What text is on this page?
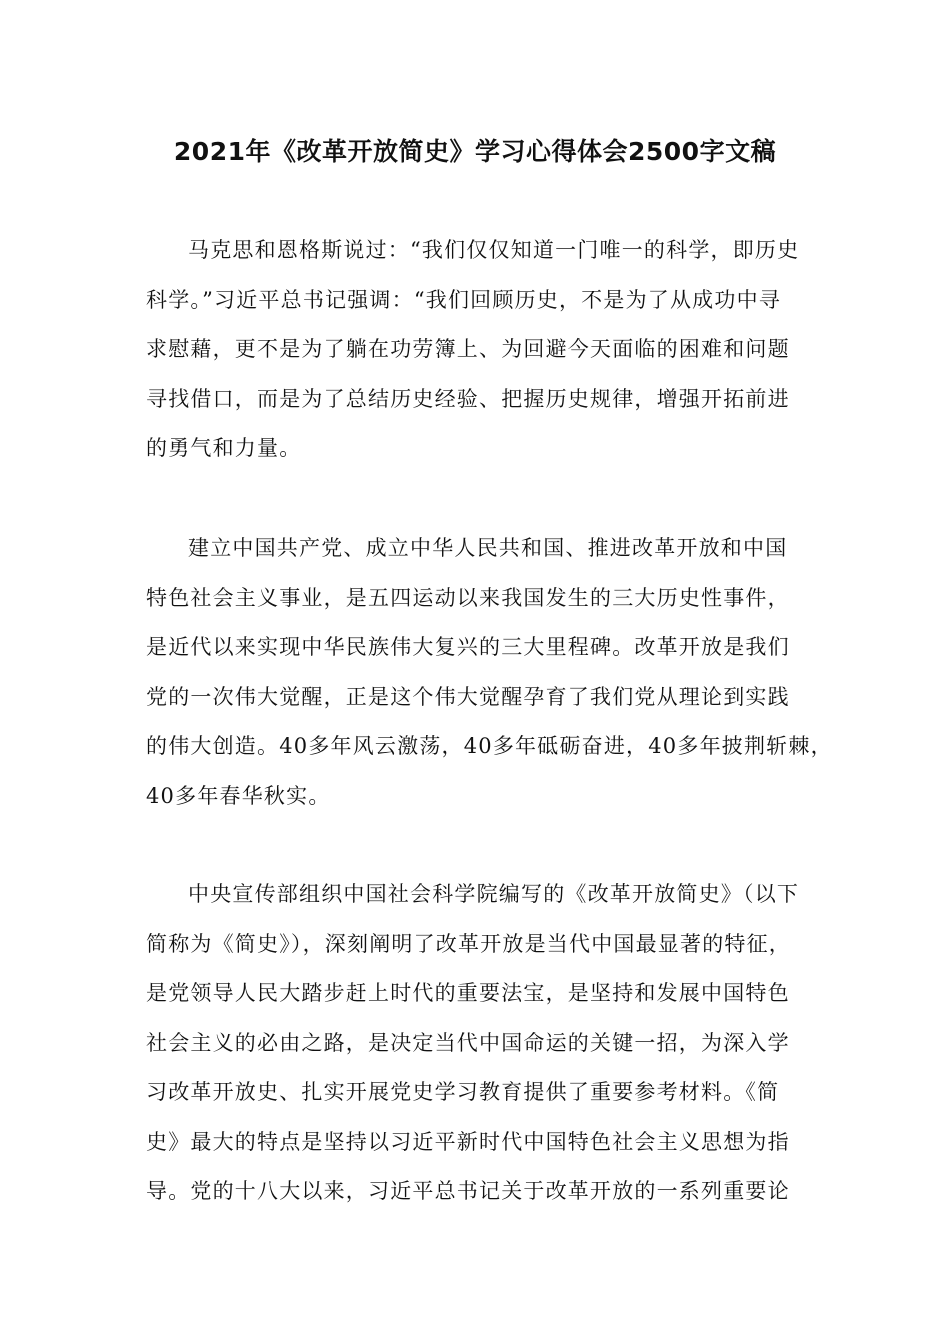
2021年《改革开放简史》学习心得体会2500字文稿
马克思和恩格斯说过：“我们仅仅知道一门唯一的科学，即历史
科学。”习近平总书记强调：“我们回顾历史，不是为了从成功中寻
求慰藉，更不是为了躺在功劳簿上、为回避今天面临的困难和问题
寻找借口，而是为了总结历史经验、把握历史规律，增强开拓前进
的勇气和力量。
建立中国共产党、成立中华人民共和国、推进改革开放和中国
特色社会主义事业，是五四运动以来我国发生的三大历史性事件，
是近代以来实现中华民族伟大复兴的三大里程碑。改革开放是我们
党的一次伟大觉醒，正是这个伟大觉醒孕育了我们党从理论到实践
的伟大创造。40多年风云激荡，40多年砥砺奋进，40多年披荆斩棘，
40多年春华秋实。
中央宣传部组织中国社会科学院编写的《改革开放简史》（以下
简称为《简史》），深刻阐明了改革开放是当代中国最显著的特征，
是党领导人民大踏步赶上时代的重要法宝，是坚持和发展中国特色
社会主义的必由之路，是决定当代中国命运的关键一招，为深入学
习改革开放史、扎实开展党史学习教育提供了重要参考材料。《简
史》最大的特点是坚持以习近平新时代中国特色社会主义思想为指
导。党的十八大以来，习近平总书记关于改革开放的一系列重要论
